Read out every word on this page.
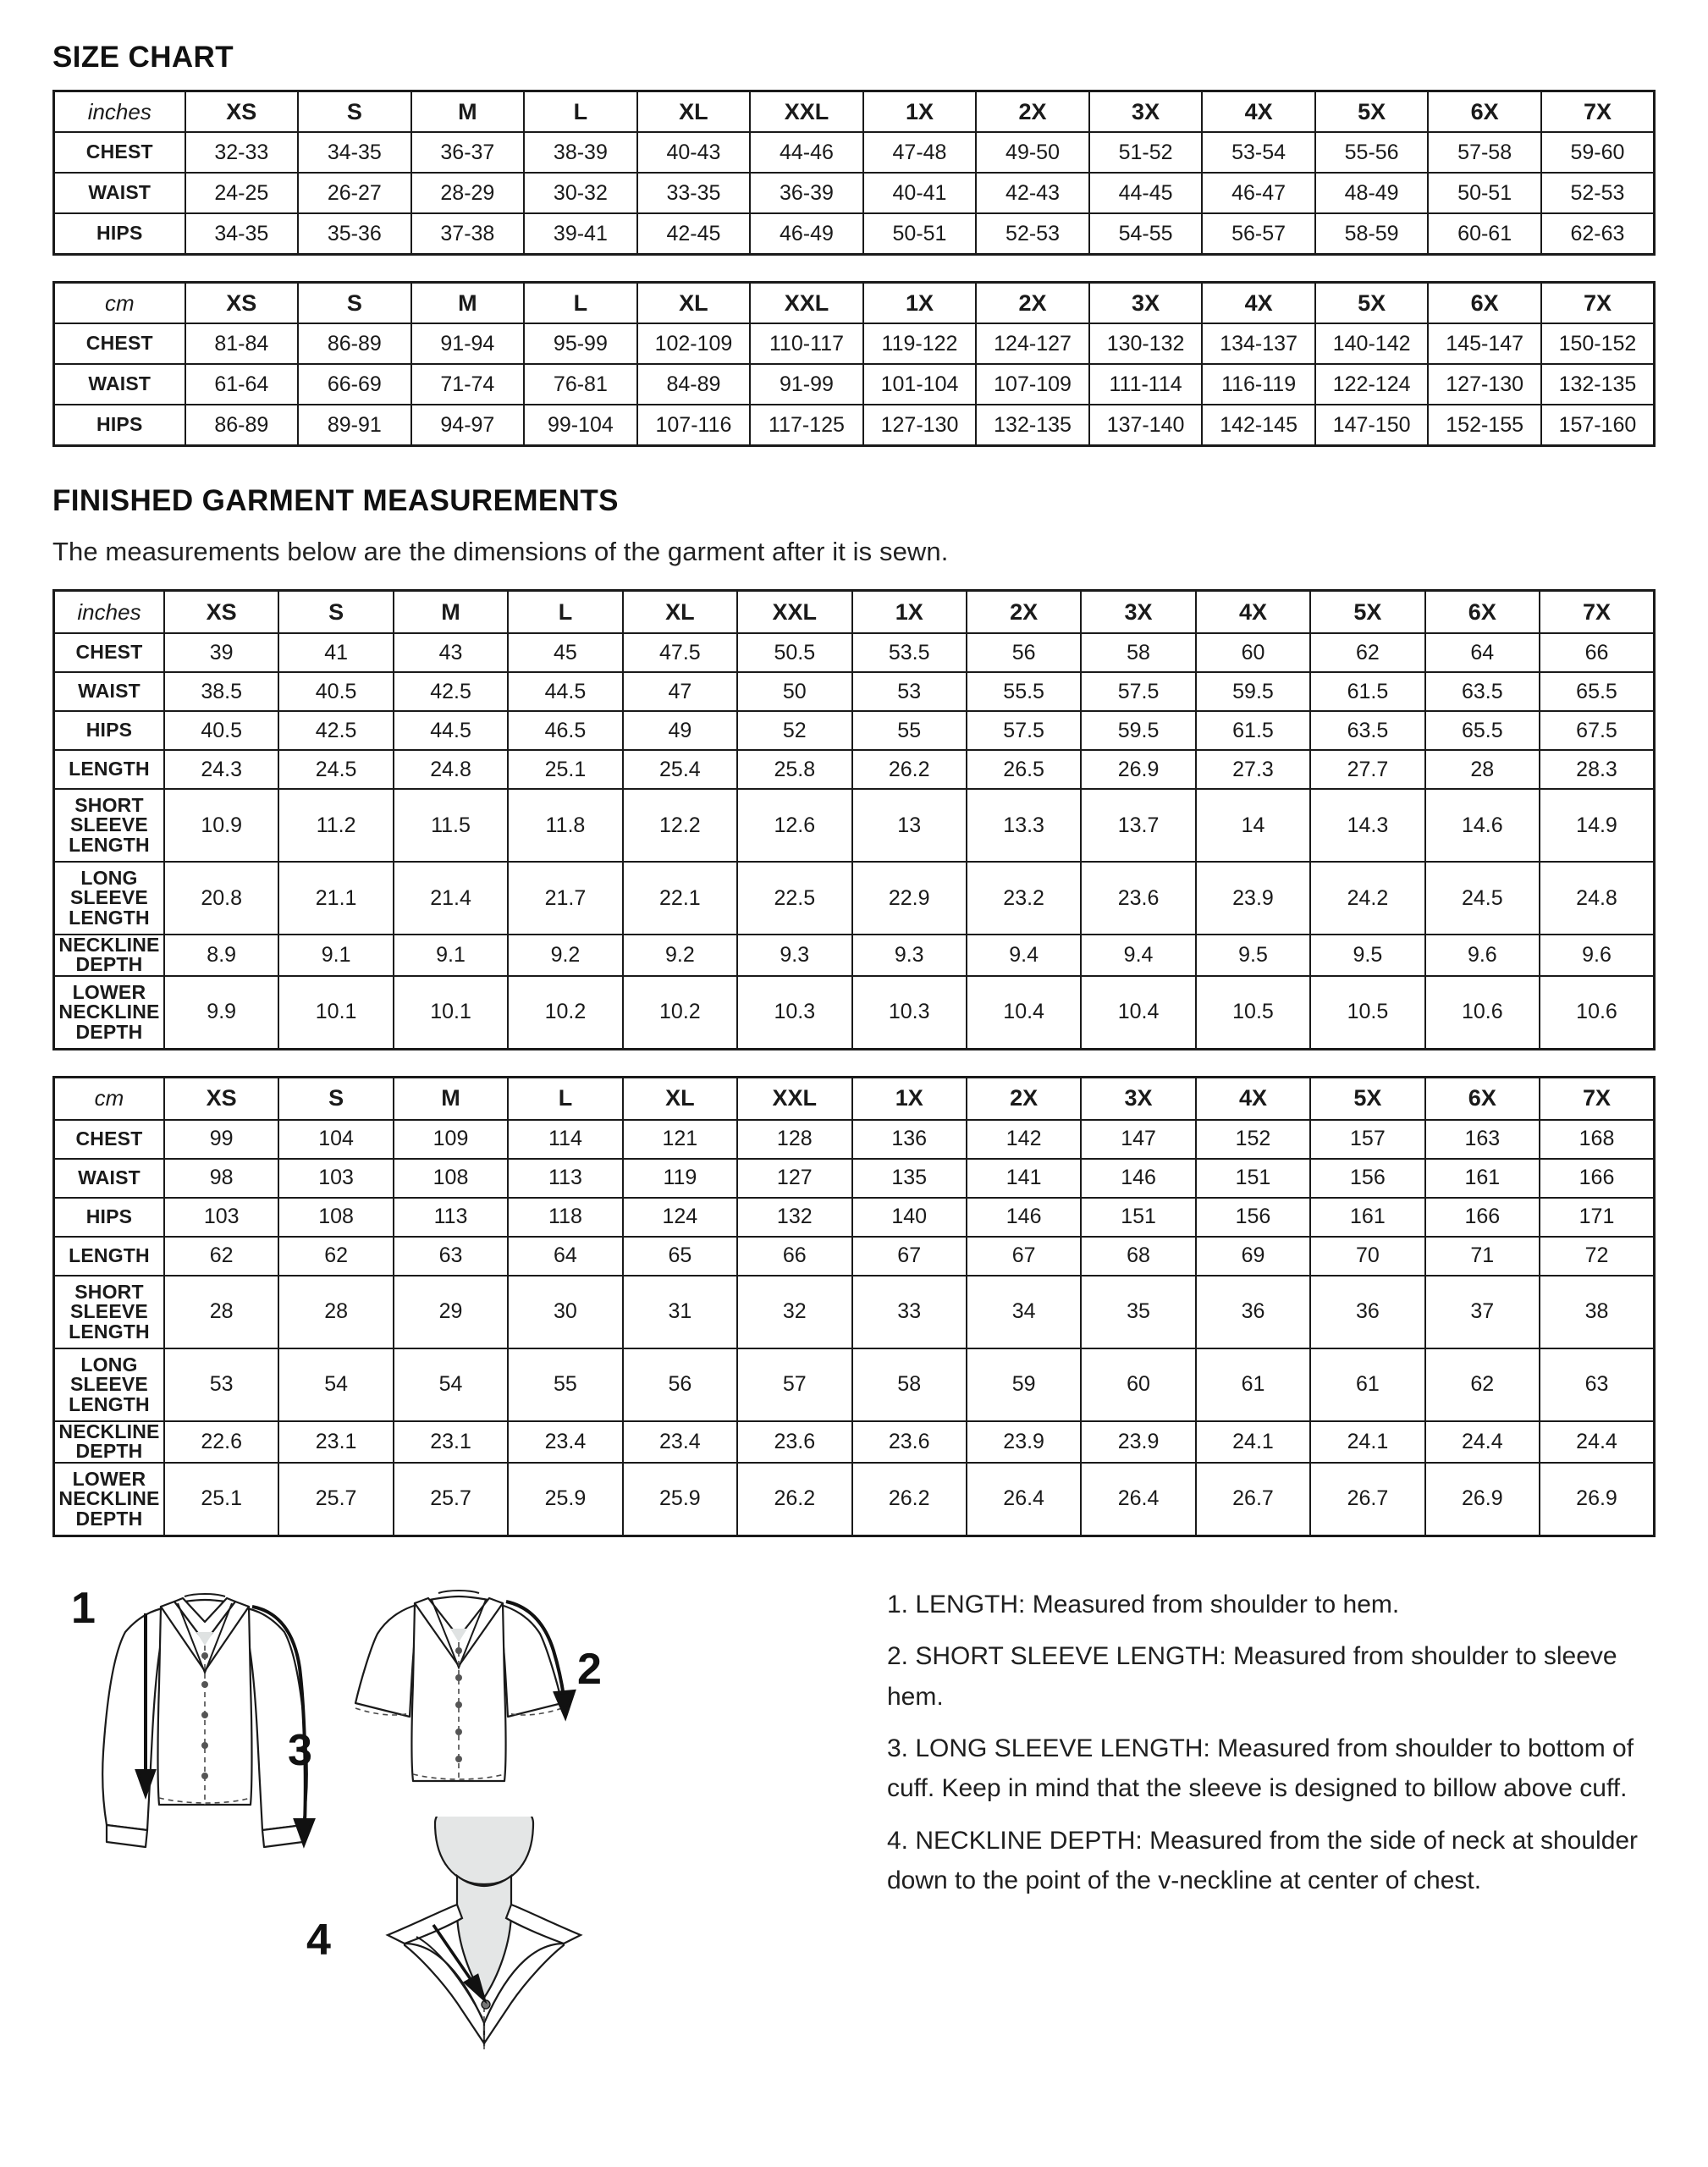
SIZE CHART
inches	XS	S	M	L	XL	XXL	1X	2X	3X	4X	5X	6X	7X
CHEST	32-33	34-35	36-37	38-39	40-43	44-46	47-48	49-50	51-52	53-54	55-56	57-58	59-60
WAIST	24-25	26-27	28-29	30-32	33-35	36-39	40-41	42-43	44-45	46-47	48-49	50-51	52-53
HIPS	34-35	35-36	37-38	39-41	42-45	46-49	50-51	52-53	54-55	56-57	58-59	60-61	62-63
cm	XS	S	M	L	XL	XXL	1X	2X	3X	4X	5X	6X	7X
CHEST	81-84	86-89	91-94	95-99	102-109	110-117	119-122	124-127	130-132	134-137	140-142	145-147	150-152
WAIST	61-64	66-69	71-74	76-81	84-89	91-99	101-104	107-109	111-114	116-119	122-124	127-130	132-135
HIPS	86-89	89-91	94-97	99-104	107-116	117-125	127-130	132-135	137-140	142-145	147-150	152-155	157-160
FINISHED GARMENT MEASUREMENTS

The measurements below are the dimensions of the garment after it is sewn.

inches	XS	S	M	L	XL	XXL	1X	2X	3X	4X	5X	6X	7X
CHEST	39	41	43	45	47.5	50.5	53.5	56	58	60	62	64	66
WAIST	38.5	40.5	42.5	44.5	47	50	53	55.5	57.5	59.5	61.5	63.5	65.5
HIPS	40.5	42.5	44.5	46.5	49	52	55	57.5	59.5	61.5	63.5	65.5	67.5
LENGTH	24.3	24.5	24.8	25.1	25.4	25.8	26.2	26.5	26.9	27.3	27.7	28	28.3
SHORT SLEEVE LENGTH	10.9	11.2	11.5	11.8	12.2	12.6	13	13.3	13.7	14	14.3	14.6	14.9
LONG SLEEVE LENGTH	20.8	21.1	21.4	21.7	22.1	22.5	22.9	23.2	23.6	23.9	24.2	24.5	24.8
NECKLINE DEPTH	8.9	9.1	9.1	9.2	9.2	9.3	9.3	9.4	9.4	9.5	9.5	9.6	9.6
LOWER NECKLINE DEPTH	9.9	10.1	10.1	10.2	10.2	10.3	10.3	10.4	10.4	10.5	10.5	10.6	10.6
cm	XS	S	M	L	XL	XXL	1X	2X	3X	4X	5X	6X	7X
CHEST	99	104	109	114	121	128	136	142	147	152	157	163	168
WAIST	98	103	108	113	119	127	135	141	146	151	156	161	166
HIPS	103	108	113	118	124	132	140	146	151	156	161	166	171
LENGTH	62	62	63	64	65	66	67	67	68	69	70	71	72
SHORT SLEEVE LENGTH	28	28	29	30	31	32	33	34	35	36	36	37	38
LONG SLEEVE LENGTH	53	54	54	55	56	57	58	59	60	61	61	62	63
NECKLINE DEPTH	22.6	23.1	23.1	23.4	23.4	23.6	23.6	23.9	23.9	24.1	24.1	24.4	24.4
LOWER NECKLINE DEPTH	25.1	25.7	25.7	25.9	25.9	26.2	26.2	26.4	26.4	26.7	26.7	26.9	26.9
1
3
2
4

1. LENGTH: Measured from shoulder to hem.

2. SHORT SLEEVE LENGTH: Measured from shoulder to sleeve hem.

3. LONG SLEEVE LENGTH: Measured from shoulder to bottom of cuff. Keep in mind that the sleeve is designed to billow above cuff.

4. NECKLINE DEPTH: Measured from the side of neck at shoulder down to the point of the v-neckline at center of chest.
